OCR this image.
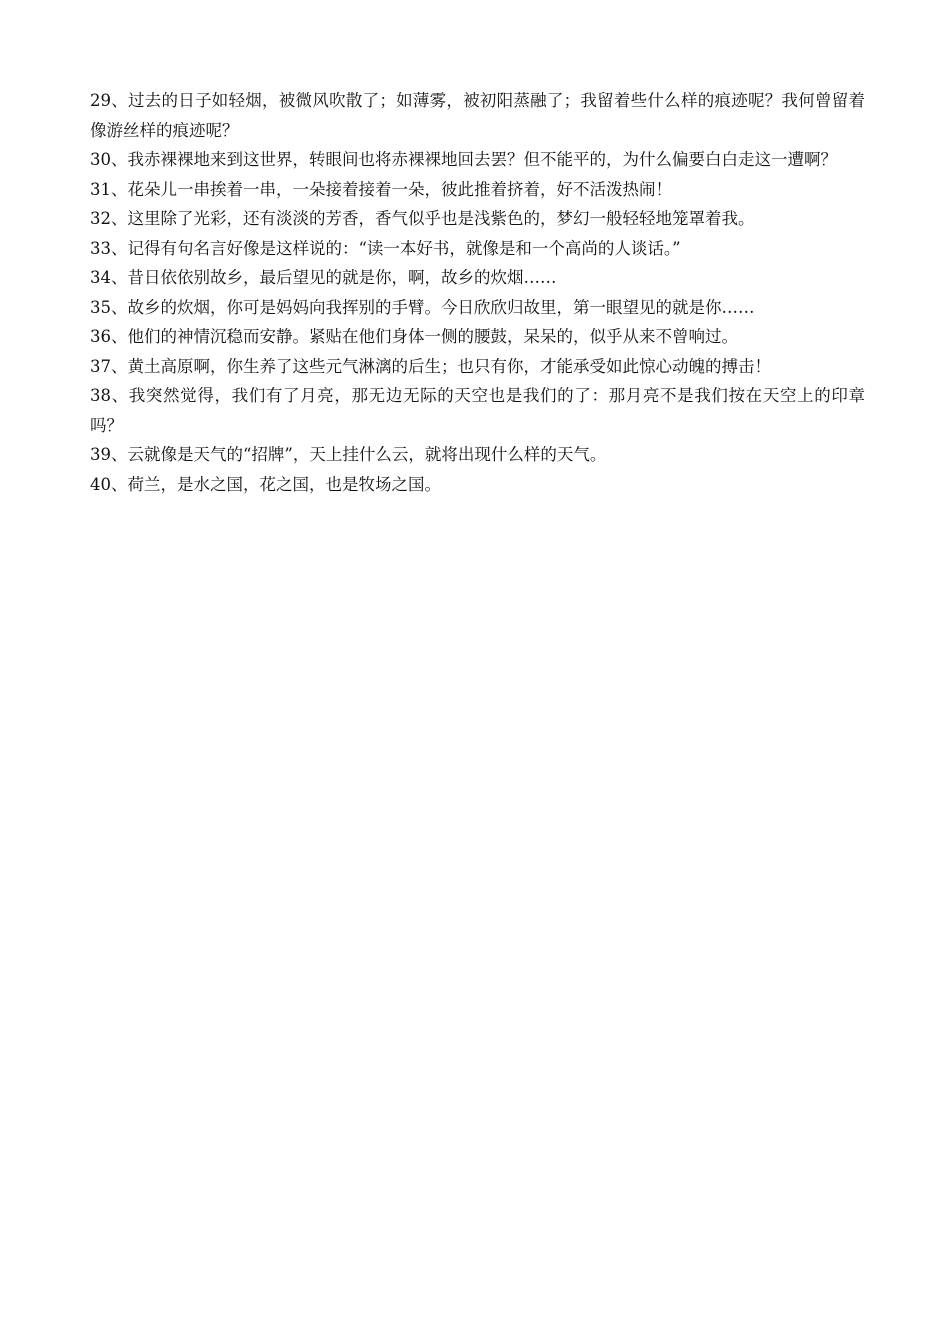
29、过去的日子如轻烟，被微风吹散了；如薄雾，被初阳蒸融了；我留着些什么样的痕迹呢？我何曾留着像游丝样的痕迹呢？

30、我赤裸裸地来到这世界，转眼间也将赤裸裸地回去罢？但不能平的，为什么偏要白白走这一遭啊？

31、花朵儿一串挨着一串，一朵接着接着一朵，彼此推着挤着，好不活泼热闹！

32、这里除了光彩，还有淡淡的芳香，香气似乎也是浅紫色的，梦幻一般轻轻地笼罩着我。

33、记得有句名言好像是这样说的：“读一本好书，就像是和一个高尚的人谈话。”

34、昔日依依别故乡，最后望见的就是你，啊，故乡的炊烟……

35、故乡的炊烟，你可是妈妈向我挥别的手臂。今日欣欣归故里，第一眼望见的就是你……

36、他们的神情沉稳而安静。紧贴在他们身体一侧的腰鼓，呆呆的，似乎从来不曾响过。

37、黄土高原啊，你生养了这些元气淋漓的后生；也只有你，才能承受如此惊心动魄的搏击！

38、我突然觉得，我们有了月亮，那无边无际的天空也是我们的了：那月亮不是我们按在天空上的印章吗？

39、云就像是天气的“招牌”，天上挂什么云，就将出现什么样的天气。

40、荷兰，是水之国，花之国，也是牧场之国。
